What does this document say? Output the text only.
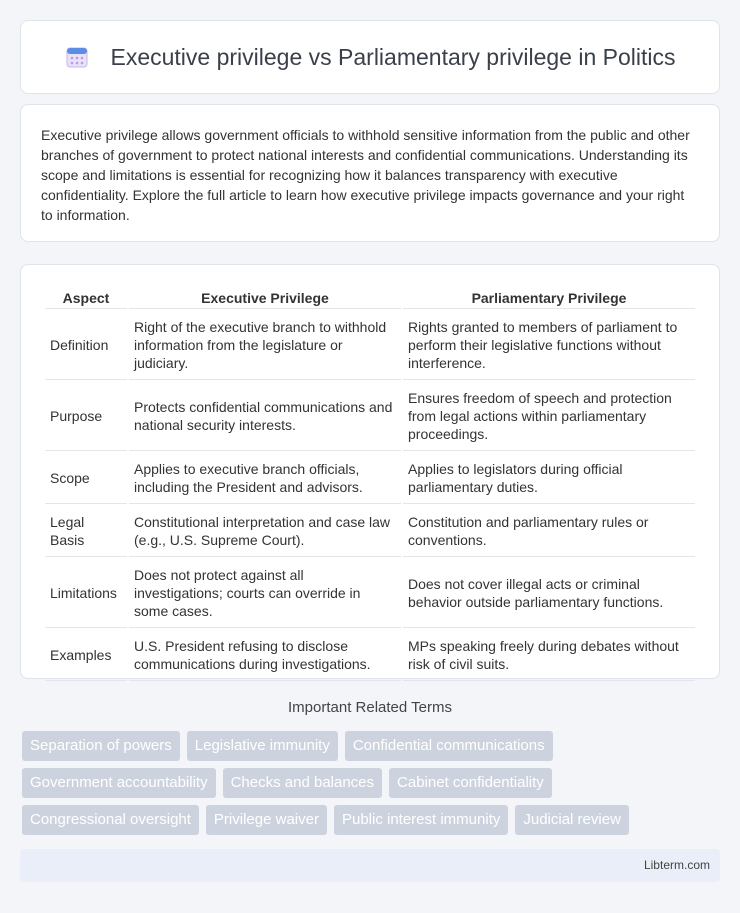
Executive privilege vs Parliamentary privilege in Politics

Executive privilege allows government officials to withhold sensitive information from the public and other branches of government to protect national interests and confidential communications. Understanding its scope and limitations is essential for recognizing how it balances transparency with executive confidentiality. Explore the full article to learn how executive privilege impacts governance and your right to information.

Aspect	Executive Privilege	Parliamentary Privilege
Definition	Right of the executive branch to withhold information from the legislature or judiciary.	Rights granted to members of parliament to perform their legislative functions without interference.
Purpose	Protects confidential communications and national security interests.	Ensures freedom of speech and protection from legal actions within parliamentary proceedings.
Scope	Applies to executive branch officials, including the President and advisors.	Applies to legislators during official parliamentary duties.
Legal Basis	Constitutional interpretation and case law (e.g., U.S. Supreme Court).	Constitution and parliamentary rules or conventions.
Limitations	Does not protect against all investigations; courts can override in some cases.	Does not cover illegal acts or criminal behavior outside parliamentary functions.
Examples	U.S. President refusing to disclose communications during investigations.	MPs speaking freely during debates without risk of civil suits.
Important Related Terms
Separation of powers	Legislative immunity	Confidential communications
Government accountability	Checks and balances	Cabinet confidentiality
Congressional oversight	Privilege waiver	Public interest immunity	Judicial review
Libterm.com
